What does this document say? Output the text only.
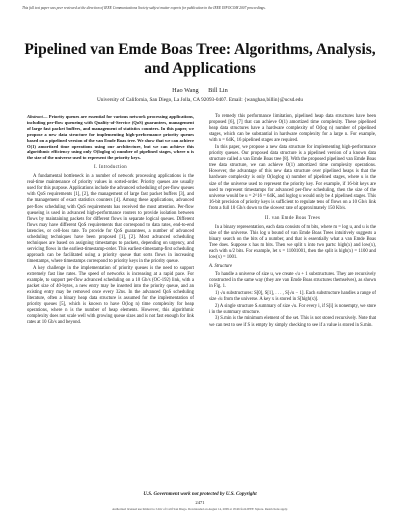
This full text paper was peer reviewed at the direction of IEEE Communications Society subject matter experts for publication in the IEEE INFOCOM 2007 proceedings.
Pipelined van Emde Boas Tree: Algorithms, Analysis, and Applications
Hao Wang      Bill Lin
University of California, San Diego, La Jolla, CA 92093-0407. Email: {wanghao,billin}@ucsd.edu

Abstract— Priority queues are essential for various network processing applications, including per-flow queueing with Quality-of-Service (QoS) guarantees, management of large fast packet buffers, and management of statistics counters. In this paper, we propose a new data structure for implementing high-performance priority queues based on a pipelined version of the van Emde Boas tree. We show that we can achieve O(1) amortized time operations using our architecture, but we can achieve this algorithmic efficiency using only O(loglog u) number of pipelined stages, where u is the size of the universe used to represent the priority keys.

I. Introduction

A fundamental bottleneck in a number of network processing applications is the real-time maintenance of priority values in sorted-order. Priority queues are usually used for this purpose. Applications include the advanced scheduling of per-flow queues with QoS requirements [1], [2], the management of large fast packet buffers [3], and the management of exact statistics counters [4]. Among these applications, advanced per-flow scheduling with QoS requirements has received the most attention. Per-flow queueing is used in advanced high-performance routers to provide isolation between flows by maintaining packets for different flows in separate logical queues. Different flows may have different QoS requirements that correspond to data rates, end-to-end latencies, or cell-loss rate. To provide for QoS guarantees, a number of advanced scheduling techniques have been proposed [1], [2]. Most advanced scheduling techniques are based on assigning timestamps to packets, depending on urgency, and servicing flows in the earliest-timestamp-order. This earliest-timestamp-first scheduling approach can be facilitated using a priority queue that sorts flows in increasing timestamps, where timestamps correspond to priority keys in the priority queue.

A key challenge in the implementation of priority queues is the need to support extremely fast line rates. The speed of networks is increasing at a rapid pace. For example, to support per-flow advanced scheduling on a 10 Gb/s (OC-192) link, with a packet size of 40-bytes, a new entry may be inserted into the priority queue, and an existing entry may be removed once every 32ns. In the advanced QoS scheduling literature, often a binary heap data structure is assumed for the implementation of priority queues [5], which is known to have O(log n) time complexity for heap operations, where n is the number of heap elements. However, this algorithmic complexity does not scale well with growing queue sizes and is not fast enough for link rates at 10 Gb/s and beyond.

To remedy this performance limitation, pipelined heap data structures have been proposed [6], [7] that can achieve O(1) amortized time complexity. These pipelined heap data structures have a hardware complexity of O(log n) number of pipelined stages, which can be substantial in hardware complexity for a large n. For example, with n = 64K, 16 pipelined stages are required.

In this paper, we propose a new data structure for implementing high-performance priority queues. Our proposed data structure is a pipelined version of a known data structure called a van Emde Boas tree [8]. With the proposed pipelined van Emde Boas tree data structure, we can achieve O(1) amortized time complexity operations. However, the advantage of this new data structure over pipelined heaps is that the hardware complexity is only O(loglog u) number of pipelined stages, where u is the size of the universe used to represent the priority key. For example, if 16-bit keys are used to represent timestamps for advanced per-flow scheduling, then the size of the universe would be u = 2^16 = 64K, and loglog u would only be 4 pipelined stages. This 16-bit precision of priority keys is sufficient to regulate tens of flows on a 10 Gb/s link from a full 10 Gb/s down to the slowest rate of approximately 150 Kb/s.

II. van Emde Boas Trees

In a binary representation, each data consists of m bits, where m = log u, and u is the size of the universe. This log u bound of van Emde Boas Trees intuitively suggests a binary search on the bits of a number, and that is essentially what a van Emde Boas Tree does. Suppose x has m bits. Then we split x into two parts: high(x) and low(x), each with u/2 bits. For example, let x = 11001001, then the split is high(x) = 1100 and low(x) = 1001.

A. Structure

To handle a universe of size u, we create √u + 1 substructures. They are recursively constructed in the same way (they are van Emde Boas structures themselves), as shown in Fig. 1.

1) √u substructures: S[0], S[1], . . . , S[√u − 1]. Each substructure handles a range of size √u from the universe. A key x is stored in S[high(x)].
2) A single structure S.summary of size √u. For every i, if S[i] is nonempty, we store i in the summary structure.
3) S.min is the minimum element of the set. This is not stored recursively. Note that we can test to see if S is empty by simply checking to see if a value is stored in S.min.
U.S. Government work not protected by U.S. Copyright
2471
Authorized licensed use limited to: Univ of Calif San Diego. Downloaded on August 14, 2009 at 18:46 from IEEE Xplore. Restrictions apply.
